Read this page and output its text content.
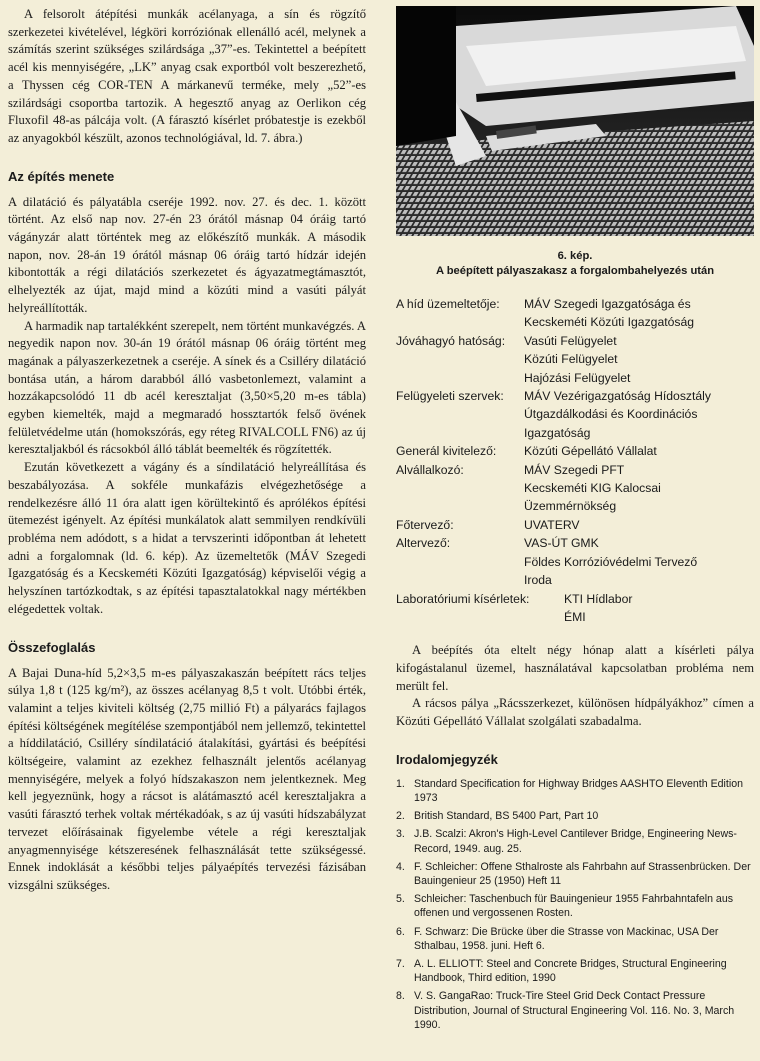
A felsorolt átépítési munkák acélanyaga, a sín és rögzítő szerkezetei kivételével, légköri korróziónak ellenálló acél, melynek a számítás szerint szükséges szilárdsága „37”-es. Tekintettel a beépített acél kis mennyiségére, „LK” anyag csak exportból volt beszerezhető, a Thyssen cég COR-TEN A márkanevű terméke, mely „52”-es szilárdsági csoportba tartozik. A hegesztő anyag az Oerlikon cég Fluxofil 48-as pálcája volt. (A fárasztó kísérlet próbatestje is ezekből az anyagokból készült, azonos technológiával, ld. 7. ábra.)

Az építés menete

A dilatáció és pályatábla cseréje 1992. nov. 27. és dec. 1. között történt. Az első nap nov. 27-én 23 órától másnap 04 óráig tartó vágányzár alatt történtek meg az előkészítő munkák. A második napon, nov. 28-án 19 órától másnap 06 óráig tartó hídzár idején kibontották a régi dilatációs szerkezetet és ágyazatmegtámasztót, elhelyezték az újat, majd mind a közúti mind a vasúti pályát helyreállították.

A harmadik nap tartalékként szerepelt, nem történt munkavégzés. A negyedik napon nov. 30-án 19 órától másnap 06 óráig történt meg magának a pályaszerkezetnek a cseréje. A sínek és a Csilléry dilatáció bontása után, a három darabból álló vasbetonlemezt, valamint a hozzákapcsolódó 11 db acél keresztaljat (3,50×5,20 m-es tábla) egyben kiemelték, majd a megmaradó hossztartók felső övének felületvédelme után (homokszórás, egy réteg RIVALCOLL FN6) az új keresztaljakból és rácsokból álló táblát beemelték és rögzítették.

Ezután következett a vágány és a síndilatáció helyreállítása és beszabályozása. A sokféle munkafázis elvégezhetősége a rendelkezésre álló 11 óra alatt igen körültekintő és aprólékos építési ütemezést igényelt. Az építési munkálatok alatt semmilyen rendkívüli probléma nem adódott, s a hidat a tervszerinti időpontban át lehetett adni a forgalomnak (ld. 6. kép). Az üzemeltetők (MÁV Szegedi Igazgatóság és a Kecskeméti Közúti Igazgatóság) képviselői végig a helyszínen tartózkodtak, s az építési tapasztalatokkal nagy mértékben elégedettek voltak.

Összefoglalás

A Bajai Duna-híd 5,2×3,5 m-es pályaszakaszán beépített rács teljes súlya 1,8 t (125 kg/m²), az összes acélanyag 8,5 t volt. Utóbbi érték, valamint a teljes kiviteli költség (2,75 millió Ft) a pályarács fajlagos építési költségének megítélése szempontjából nem jellemző, tekintettel a híddilatáció, Csilléry síndilatáció átalakítási, gyártási és beépítési költségeire, valamint az ezekhez felhasznált jelentős acélanyag mennyiségére, melyek a folyó hídszakaszon nem jelentkeznek. Meg kell jegyeznünk, hogy a rácsot is alátámasztó acél keresztaljakra a vasúti fárasztó terhek voltak mértékadóak, s az új vasúti hídszabályzat tervezet előírásainak figyelembe vétele a régi keresztaljak anyagmennyisége kétszeresének felhasználását tette szükségessé. Ennek indoklását a későbbi teljes pályaépítés tervezési fázisában vizsgálni szükséges.

6. kép.
A beépített pályaszakasz a forgalombahelyezés után
A híd üzemeltetője:	MÁV Szegedi Igazgatósága és
Kecskeméti Közúti Igazgatóság
Jóváhagyó hatóság:	Vasúti Felügyelet
Közúti Felügyelet
Hajózási Felügyelet
Felügyeleti szervek:	MÁV Vezérigazgatóság Hídosztály
Útgazdálkodási és Koordinációs
Igazgatóság
Generál kivitelező:	Közúti Gépellátó Vállalat
Alvállalkozó:	MÁV Szegedi PFT
Kecskeméti KIG Kalocsai
Üzemmérnökség
Főtervező:	UVATERV
Altervező:	VAS-ÚT GMK
Földes Korrózióvédelmi Tervező
Iroda
Laboratóriumi kísérletek:	KTI Hídlabor
ÉMI

A beépítés óta eltelt négy hónap alatt a kísérleti pálya kifogástalanul üzemel, használatával kapcsolatban probléma nem merült fel.

A rácsos pálya „Rácsszerkezet, különösen hídpályákhoz” címen a Közúti Gépellátó Vállalat szolgálati szabadalma.

Irodalomjegyzék
1. Standard Specification for Highway Bridges AASHTO Eleventh Edition 1973
2. British Standard, BS 5400 Part, Part 10
3. J.B. Scalzi: Akron's High-Level Cantilever Bridge, Engineering News-Record, 1949. aug. 25.
4. F. Schleicher: Offene Sthalroste als Fahrbahn auf Strassenbrücken. Der Bauingenieur 25 (1950) Heft 11
5. Schleicher: Taschenbuch für Bauingenieur 1955 Fahrbahntafeln aus offenen und vergossenen Rosten.
6. F. Schwarz: Die Brücke über die Strasse von Mackinac, USA Der Sthalbau, 1958. juni. Heft 6.
7. A. L. ELLIOTT: Steel and Concrete Bridges, Structural Engineering Handbook, Third edition, 1990
8. V. S. GangaRao: Truck-Tire Steel Grid Deck Contact Pressure Distribution, Journal of Structural Engineering Vol. 116. No. 3, March 1990.
